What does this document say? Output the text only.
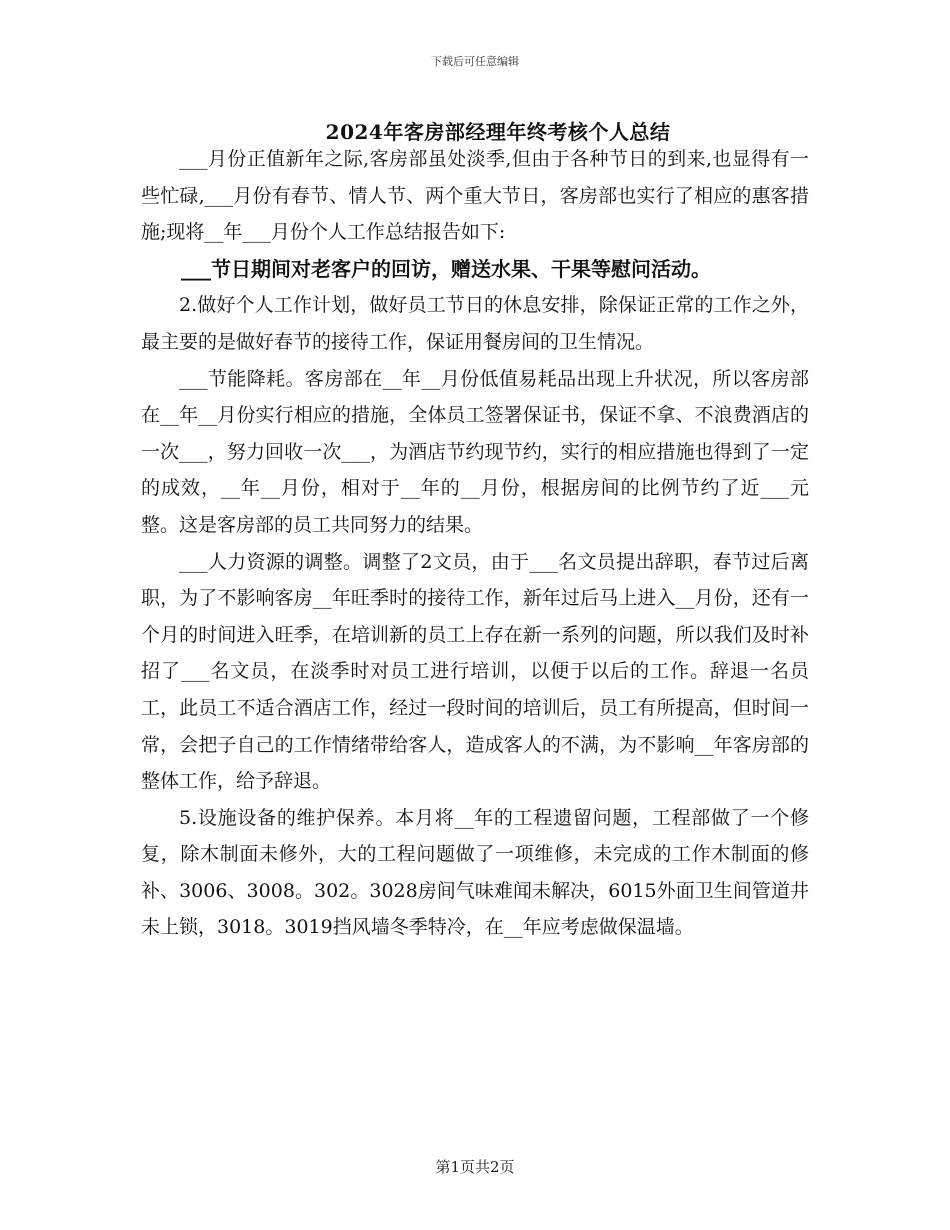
下载后可任意编辑
2024年客房部经理年终考核个人总结

___月份正值新年之际,客房部虽处淡季,但由于各种节日的到来,也显得有一些忙碌,___月份有春节、情人节、两个重大节日，客房部也实行了相应的惠客措施;现将__年___月份个人工作总结报告如下:

___节日期间对老客户的回访，赠送水果、干果等慰问活动。

2.做好个人工作计划，做好员工节日的休息安排，除保证正常的工作之外，最主要的是做好春节的接待工作，保证用餐房间的卫生情况。

___节能降耗。客房部在__年__月份低值易耗品出现上升状况，所以客房部在__年__月份实行相应的措施，全体员工签署保证书，保证不拿、不浪费酒店的一次___，努力回收一次___，为酒店节约现节约，实行的相应措施也得到了一定的成效，__年__月份，相对于__年的__月份，根据房间的比例节约了近___元整。这是客房部的员工共同努力的结果。

___人力资源的调整。调整了2文员，由于___名文员提出辞职，春节过后离职，为了不影响客房__年旺季时的接待工作，新年过后马上进入__月份，还有一个月的时间进入旺季，在培训新的员工上存在新一系列的问题，所以我们及时补招了___名文员，在淡季时对员工进行培训，以便于以后的工作。辞退一名员工，此员工不适合酒店工作，经过一段时间的培训后，员工有所提高，但时间一常，会把子自己的工作情绪带给客人，造成客人的不满，为不影响__年客房部的整体工作，给予辞退。

5.设施设备的维护保养。本月将__年的工程遗留问题，工程部做了一个修复，除木制面未修外，大的工程问题做了一项维修，未完成的工作木制面的修补、3006、3008。302。3028房间气味难闻未解决，6015外面卫生间管道井未上锁，3018。3019挡风墙冬季特冷，在__年应考虑做保温墙。

第1页共2页
